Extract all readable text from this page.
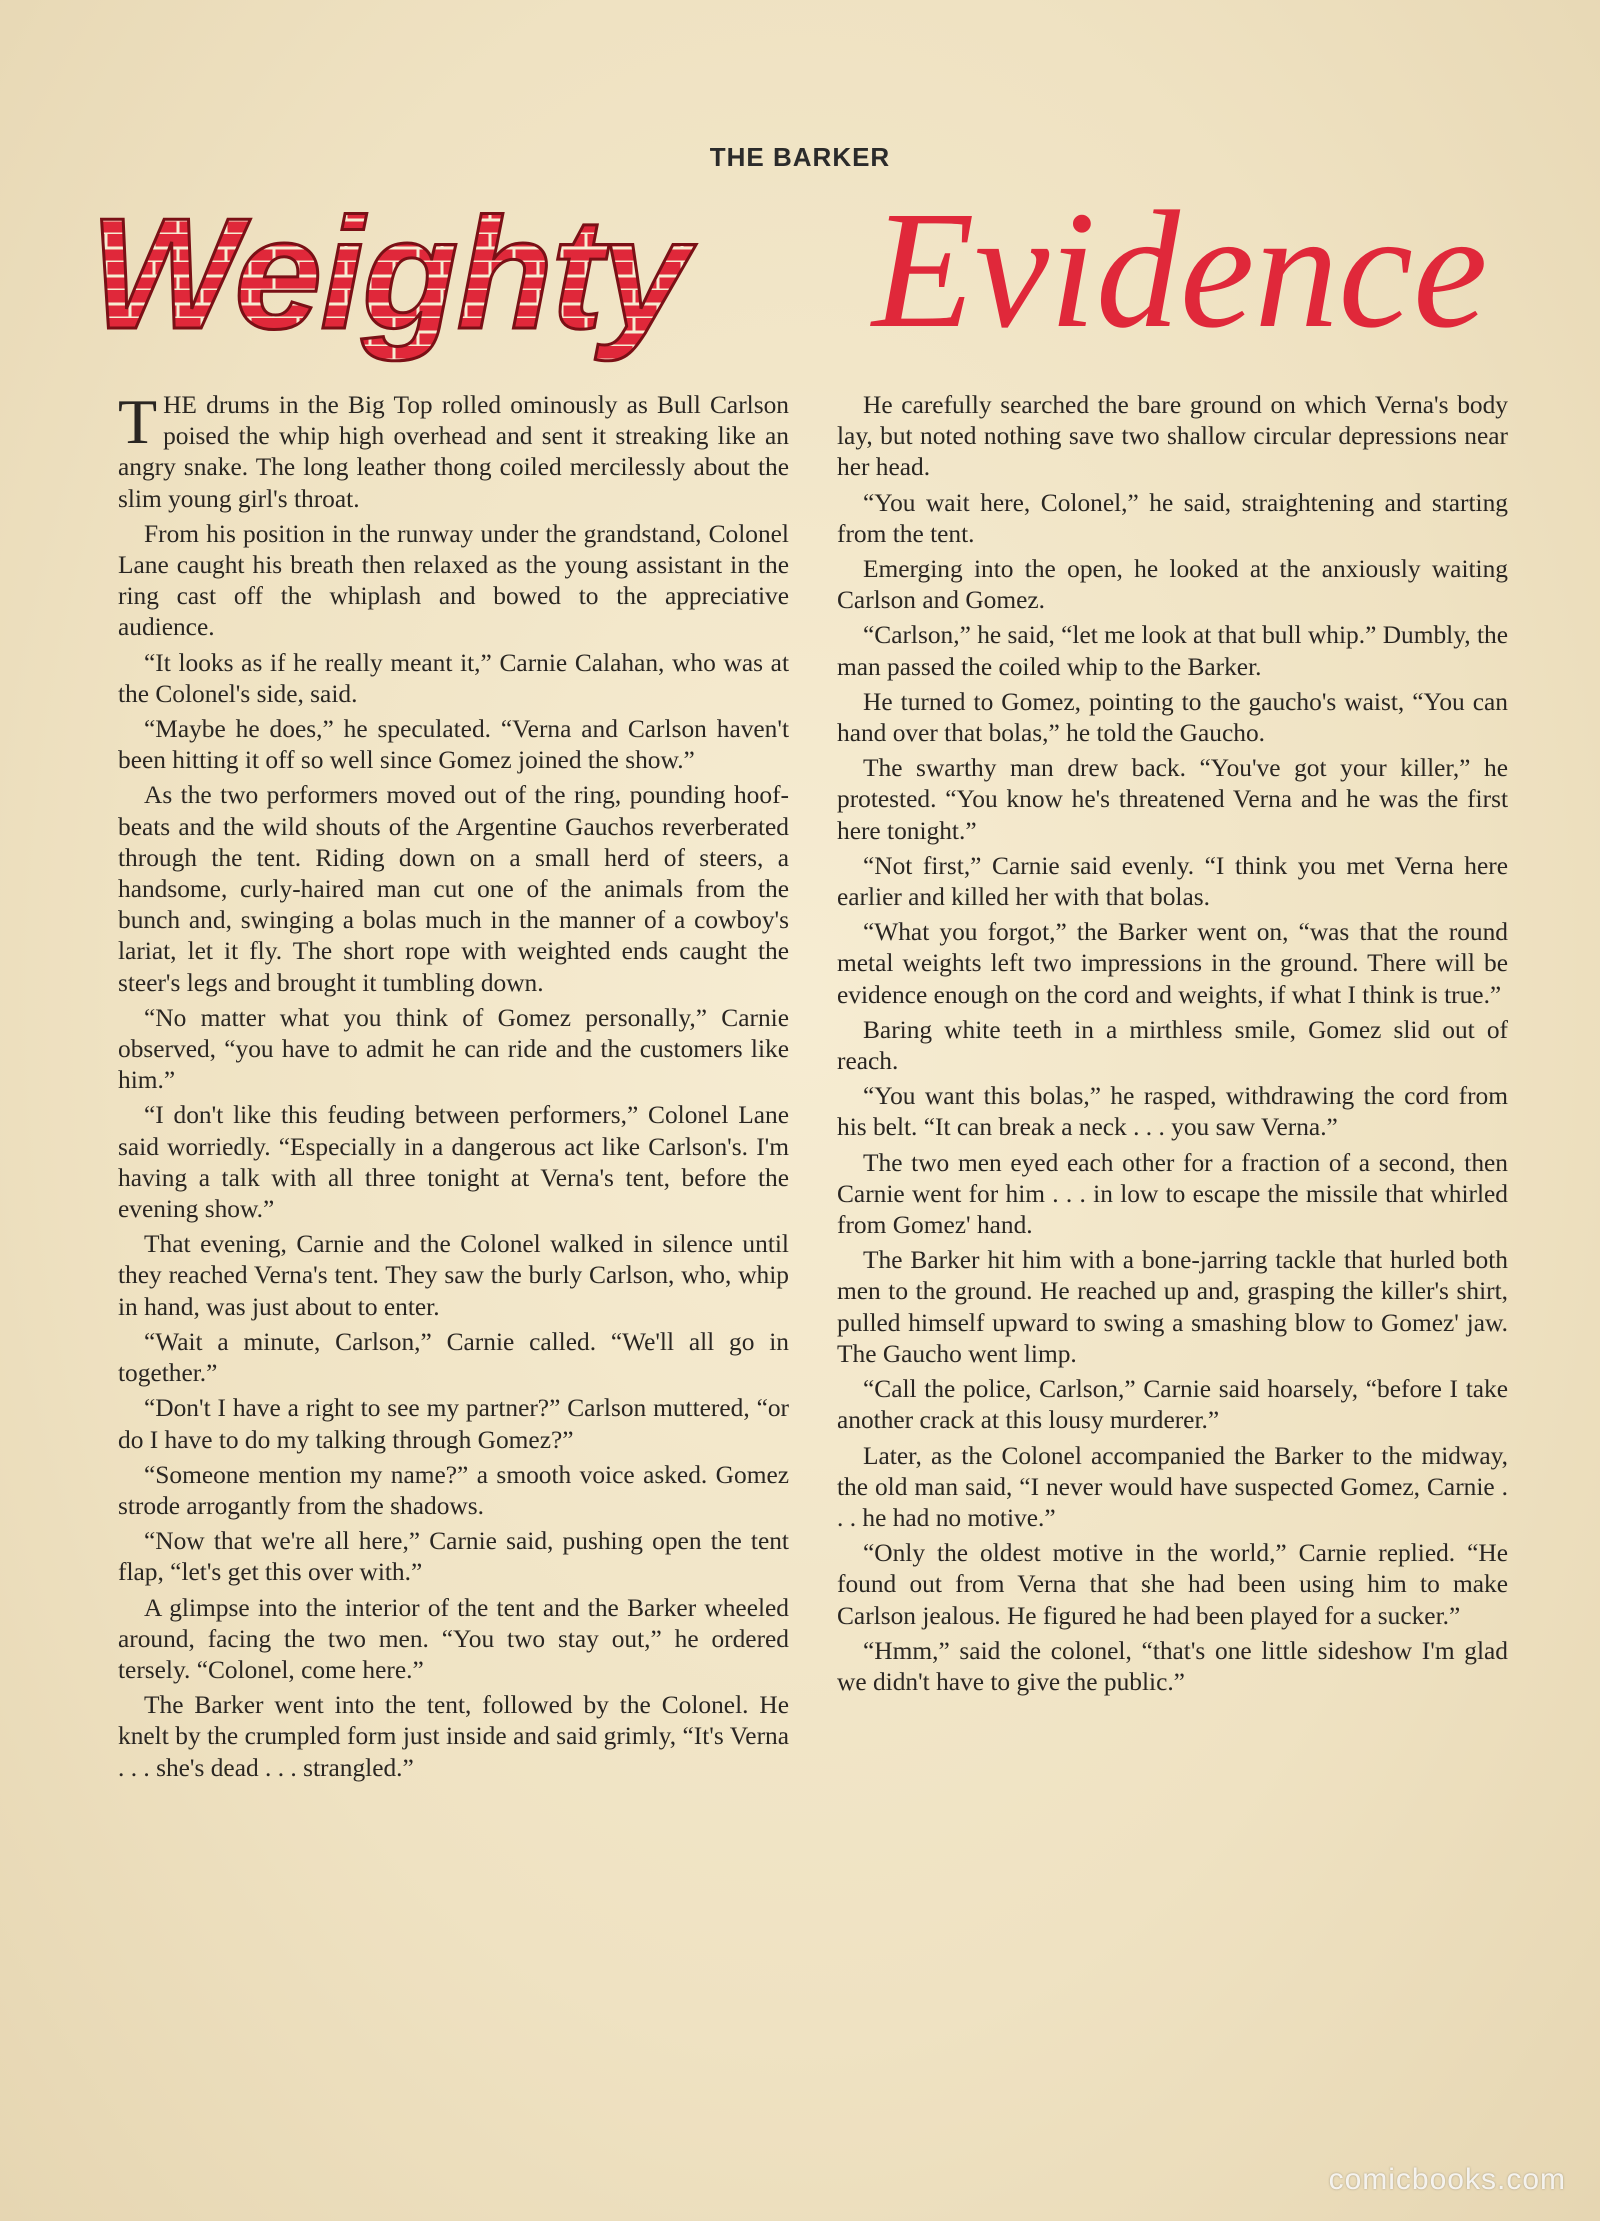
THE BARKER
Weighty Evidence

THE drums in the Big Top rolled ominously as Bull Carlson poised the whip high overhead and sent it streaking like an angry snake. The long leather thong coiled mercilessly about the slim young girl's throat.

From his position in the runway under the grandstand, Colonel Lane caught his breath then relaxed as the young assistant in the ring cast off the whiplash and bowed to the appreciative audience.

“It looks as if he really meant it,” Carnie Calahan, who was at the Colonel's side, said.

“Maybe he does,” he speculated. “Verna and Carlson haven't been hitting it off so well since Gomez joined the show.”

As the two performers moved out of the ring, pounding hoof-beats and the wild shouts of the Argentine Gauchos reverberated through the tent. Riding down on a small herd of steers, a handsome, curly-haired man cut one of the animals from the bunch and, swinging a bolas much in the manner of a cowboy's lariat, let it fly. The short rope with weighted ends caught the steer's legs and brought it tumbling down.

“No matter what you think of Gomez personally,” Carnie observed, “you have to admit he can ride and the customers like him.”

“I don't like this feuding between performers,” Colonel Lane said worriedly. “Especially in a dangerous act like Carlson's. I'm having a talk with all three tonight at Verna's tent, before the evening show.”

That evening, Carnie and the Colonel walked in silence until they reached Verna's tent. They saw the burly Carlson, who, whip in hand, was just about to enter.

“Wait a minute, Carlson,” Carnie called. “We'll all go in together.”

“Don't I have a right to see my partner?” Carlson muttered, “or do I have to do my talking through Gomez?”

“Someone mention my name?” a smooth voice asked. Gomez strode arrogantly from the shadows.

“Now that we're all here,” Carnie said, pushing open the tent flap, “let's get this over with.”

A glimpse into the interior of the tent and the Barker wheeled around, facing the two men. “You two stay out,” he ordered tersely. “Colonel, come here.”

The Barker went into the tent, followed by the Colonel. He knelt by the crumpled form just inside and said grimly, “It's Verna . . . she's dead . . . strangled.”

He carefully searched the bare ground on which Verna's body lay, but noted nothing save two shallow circular depressions near her head.

“You wait here, Colonel,” he said, straightening and starting from the tent.

Emerging into the open, he looked at the anxiously waiting Carlson and Gomez.

“Carlson,” he said, “let me look at that bull whip.” Dumbly, the man passed the coiled whip to the Barker.

He turned to Gomez, pointing to the gaucho's waist, “You can hand over that bolas,” he told the Gaucho.

The swarthy man drew back. “You've got your killer,” he protested. “You know he's threatened Verna and he was the first here tonight.”

“Not first,” Carnie said evenly. “I think you met Verna here earlier and killed her with that bolas.

“What you forgot,” the Barker went on, “was that the round metal weights left two impressions in the ground. There will be evidence enough on the cord and weights, if what I think is true.”

Baring white teeth in a mirthless smile, Gomez slid out of reach.

“You want this bolas,” he rasped, withdrawing the cord from his belt. “It can break a neck . . . you saw Verna.”

The two men eyed each other for a fraction of a second, then Carnie went for him . . . in low to escape the missile that whirled from Gomez' hand.

The Barker hit him with a bone-jarring tackle that hurled both men to the ground. He reached up and, grasping the killer's shirt, pulled himself upward to swing a smashing blow to Gomez' jaw. The Gaucho went limp.

“Call the police, Carlson,” Carnie said hoarsely, “before I take another crack at this lousy murderer.”

Later, as the Colonel accompanied the Barker to the midway, the old man said, “I never would have suspected Gomez, Carnie . . . he had no motive.”

“Only the oldest motive in the world,” Carnie replied. “He found out from Verna that she had been using him to make Carlson jealous. He figured he had been played for a sucker.”

“Hmm,” said the colonel, “that's one little sideshow I'm glad we didn't have to give the public.”

comicbooks.com
